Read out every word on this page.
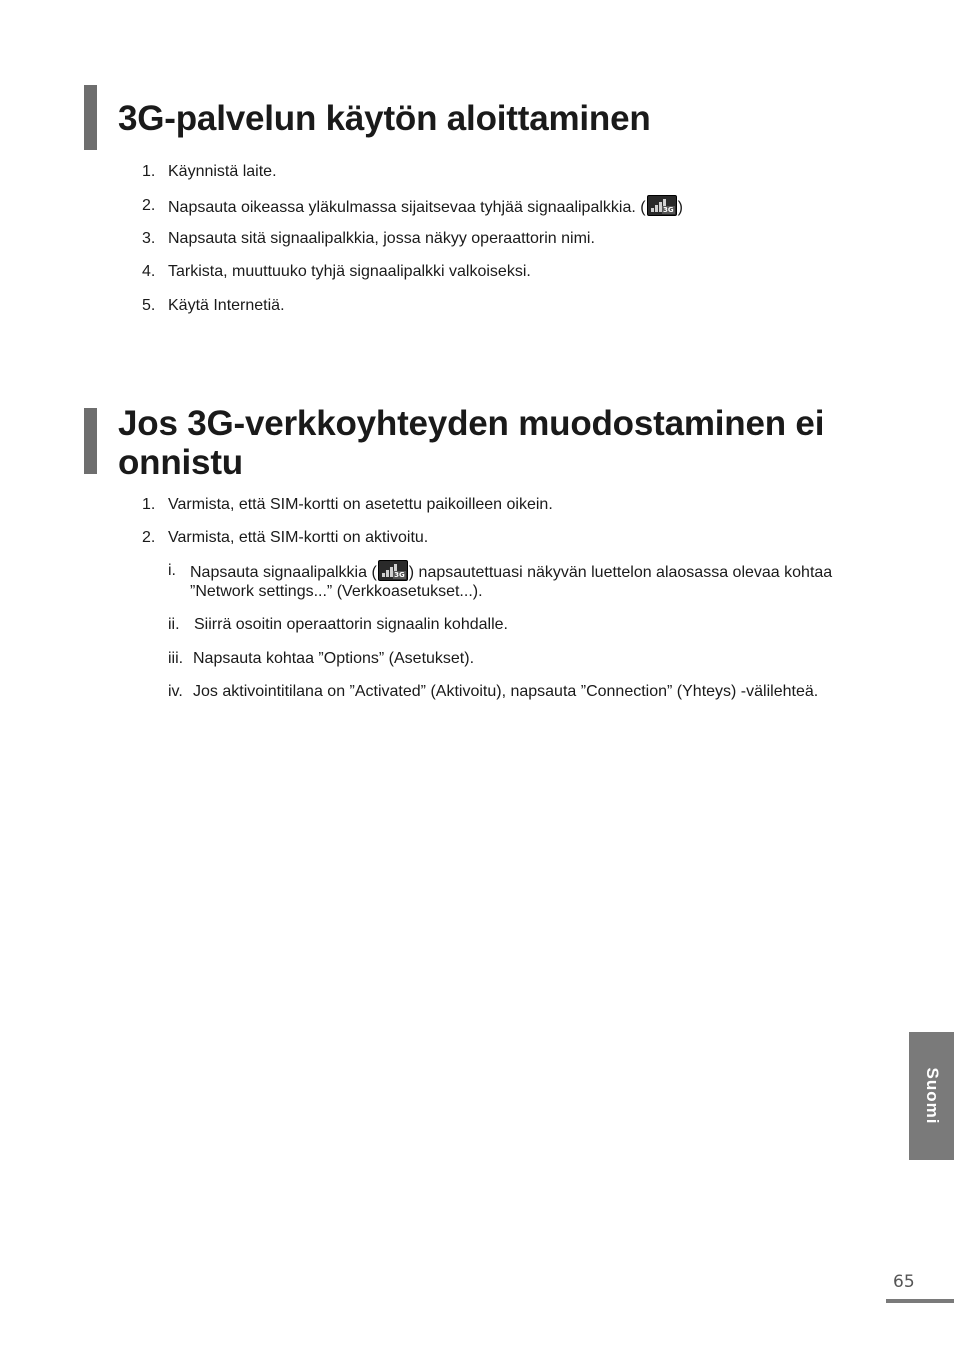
3G-palvelun käytön aloittaminen
1. Käynnistä laite.
2. Napsauta oikeassa yläkulmassa sijaitsevaa tyhjää signaalipalkkia. ( 3G )
3. Napsauta sitä signaalipalkkia, jossa näkyy operaattorin nimi.
4. Tarkista, muuttuuko tyhjä signaalipalkki valkoiseksi.
5. Käytä Internetiä.
Jos 3G-verkkoyhteyden muodostaminen ei
onnistu
1. Varmista, että SIM-kortti on asetettu paikoilleen oikein.
2. Varmista, että SIM-kortti on aktivoitu.
i. Napsauta signaalipalkkia ( 3G ) napsautettuasi näkyvän luettelon alaosassa olevaa kohtaa
”Network settings...” (Verkkoasetukset...).
ii. Siirrä osoitin operaattorin signaalin kohdalle.
iii. Napsauta kohtaa ”Options” (Asetukset).
iv. Jos aktivointitilana on ”Activated” (Aktivoitu), napsauta ”Connection” (Yhteys) -välilehteä.
Suomi
65
